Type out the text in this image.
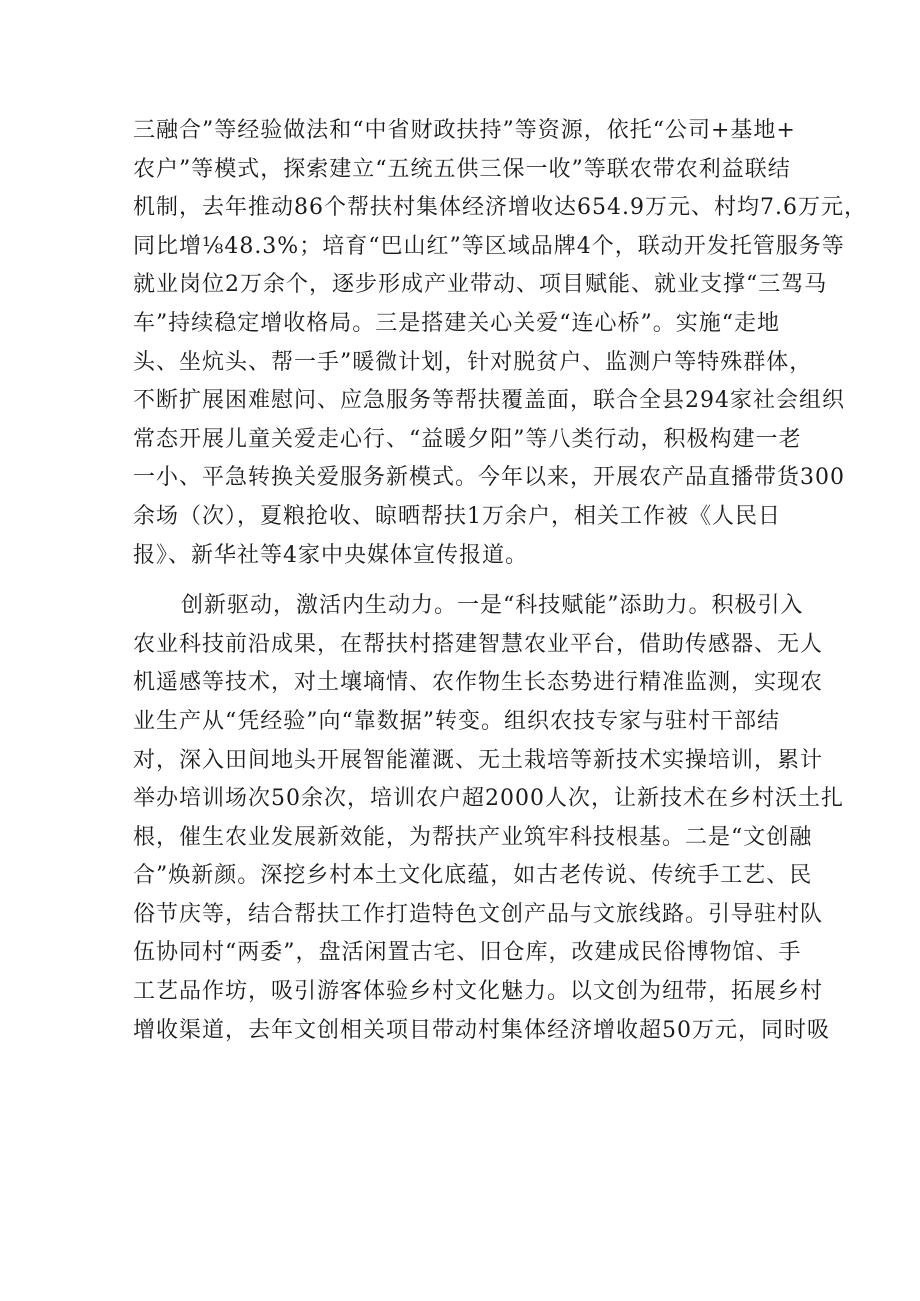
三融合”等经验做法和“中省财政扶持”等资源，依托“公司+基地+
农户”等模式，探索建立“五统五供三保一收”等联农带农利益联结
机制，去年推动86个帮扶村集体经济增收达654.9万元、村均7.6万元，
同比增⅛48.3%；培育“巴山红”等区域品牌4个，联动开发托管服务等
就业岗位2万余个，逐步形成产业带动、项目赋能、就业支撑“三驾马
车”持续稳定增收格局。三是搭建关心关爱“连心桥”。实施“走地
头、坐炕头、帮一手”暖微计划，针对脱贫户、监测户等特殊群体，
不断扩展困难慰问、应急服务等帮扶覆盖面，联合全县294家社会组织
常态开展儿童关爱走心行、“益暖夕阳”等八类行动，积极构建一老
一小、平急转换关爱服务新模式。今年以来，开展农产品直播带货300
余场（次），夏粮抢收、晾晒帮扶1万余户，相关工作被《人民日
报》、新华社等4家中央媒体宣传报道。
创新驱动，激活内生动力。一是“科技赋能”添助力。积极引入
农业科技前沿成果，在帮扶村搭建智慧农业平台，借助传感器、无人
机遥感等技术，对土壤墒情、农作物生长态势进行精准监测，实现农
业生产从“凭经验”向“靠数据”转变。组织农技专家与驻村干部结
对，深入田间地头开展智能灌溉、无土栽培等新技术实操培训，累计
举办培训场次50余次，培训农户超2000人次，让新技术在乡村沃土扎
根，催生农业发展新效能，为帮扶产业筑牢科技根基。二是“文创融
合”焕新颜。深挖乡村本土文化底蕴，如古老传说、传统手工艺、民
俗节庆等，结合帮扶工作打造特色文创产品与文旅线路。引导驻村队
伍协同村“两委”，盘活闲置古宅、旧仓库，改建成民俗博物馆、手
工艺品作坊，吸引游客体验乡村文化魅力。以文创为纽带，拓展乡村
增收渠道，去年文创相关项目带动村集体经济增收超50万元，同时吸
